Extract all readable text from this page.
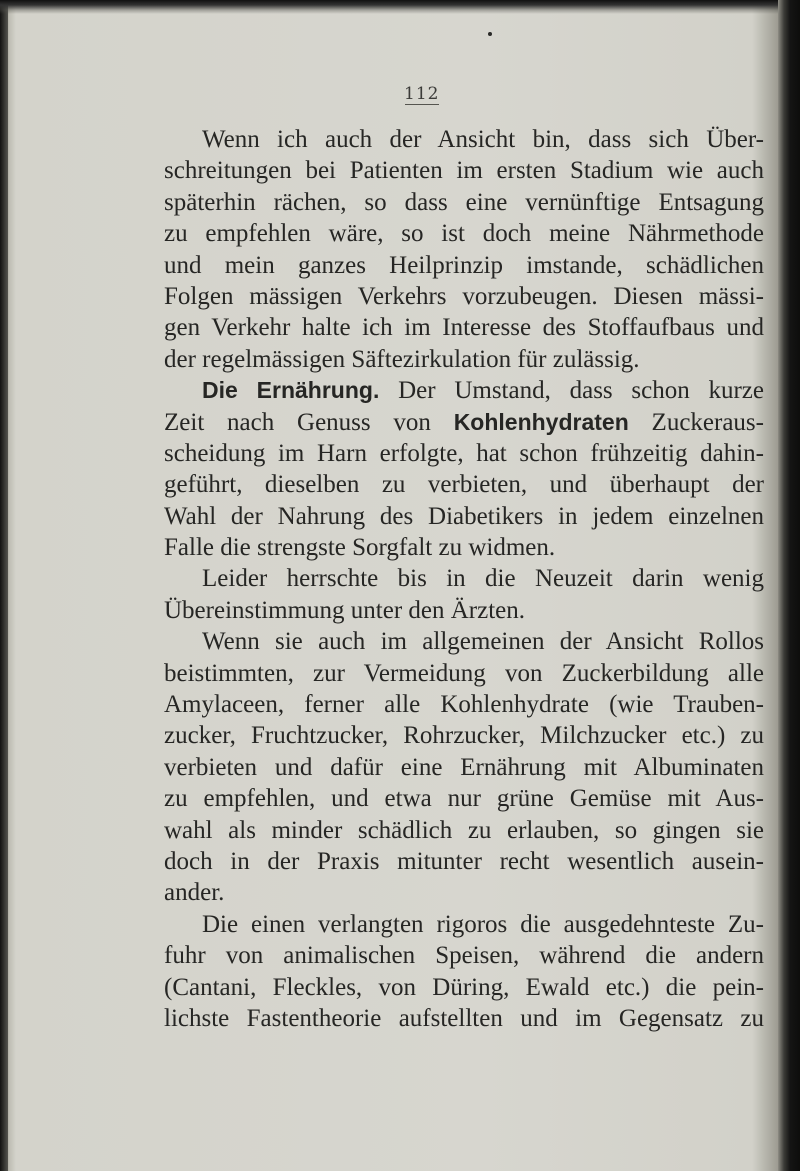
112
Wenn ich auch der Ansicht bin, dass sich Über-
schreitungen bei Patienten im ersten Stadium wie auch
späterhin rächen, so dass eine vernünftige Entsagung
zu empfehlen wäre, so ist doch meine Nährmethode
und mein ganzes Heilprinzip imstande, schädlichen
Folgen mässigen Verkehrs vorzubeugen. Diesen mässi-
gen Verkehr halte ich im Interesse des Stoffaufbaus und
der regelmässigen Säftezirkulation für zulässig.
Die Ernährung. Der Umstand, dass schon kurze
Zeit nach Genuss von Kohlenhydraten Zuckeraus-
scheidung im Harn erfolgte, hat schon frühzeitig dahin-
geführt, dieselben zu verbieten, und überhaupt der
Wahl der Nahrung des Diabetikers in jedem einzelnen
Falle die strengste Sorgfalt zu widmen.
Leider herrschte bis in die Neuzeit darin wenig
Übereinstimmung unter den Ärzten.
Wenn sie auch im allgemeinen der Ansicht Rollos
beistimmten, zur Vermeidung von Zuckerbildung alle
Amylaceen, ferner alle Kohlenhydrate (wie Trauben-
zucker, Fruchtzucker, Rohrzucker, Milchzucker etc.) zu
verbieten und dafür eine Ernährung mit Albuminaten
zu empfehlen, und etwa nur grüne Gemüse mit Aus-
wahl als minder schädlich zu erlauben, so gingen sie
doch in der Praxis mitunter recht wesentlich ausein-
ander.
Die einen verlangten rigoros die ausgedehnteste Zu-
fuhr von animalischen Speisen, während die andern
(Cantani, Fleckles, von Düring, Ewald etc.) die pein-
lichste Fastentheorie aufstellten und im Gegensatz zu
